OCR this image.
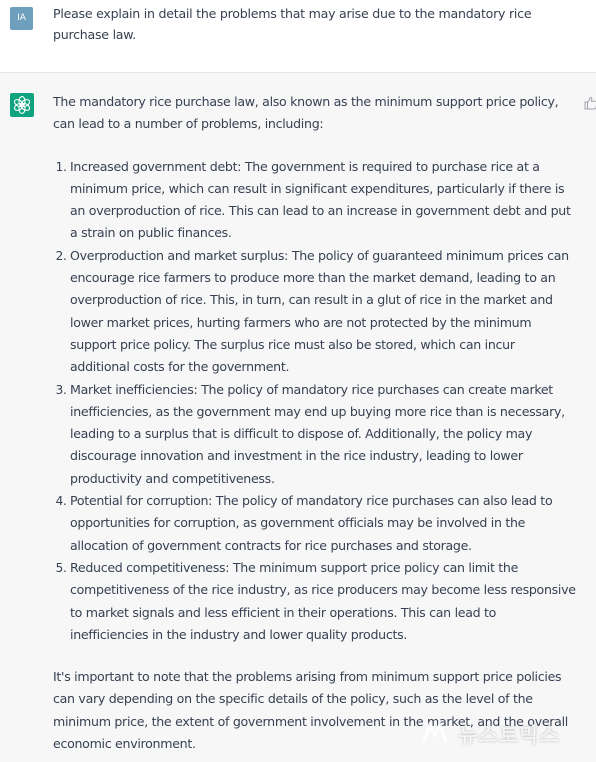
IA	Please explain in detail the problems that may arise due to the mandatory rice purchase law.

The mandatory rice purchase law, also known as the minimum support price policy, can lead to a number of problems, including:

1. Increased government debt: The government is required to purchase rice at a minimum price, which can result in significant expenditures, particularly if there is an overproduction of rice. This can lead to an increase in government debt and put a strain on public finances.
2. Overproduction and market surplus: The policy of guaranteed minimum prices can encourage rice farmers to produce more than the market demand, leading to an overproduction of rice. This, in turn, can result in a glut of rice in the market and lower market prices, hurting farmers who are not protected by the minimum support price policy. The surplus rice must also be stored, which can incur additional costs for the government.
3. Market inefficiencies: The policy of mandatory rice purchases can create market inefficiencies, as the government may end up buying more rice than is necessary, leading to a surplus that is difficult to dispose of. Additionally, the policy may discourage innovation and investment in the rice industry, leading to lower productivity and competitiveness.
4. Potential for corruption: The policy of mandatory rice purchases can also lead to opportunities for corruption, as government officials may be involved in the allocation of government contracts for rice purchases and storage.
5. Reduced competitiveness: The minimum support price policy can limit the competitiveness of the rice industry, as rice producers may become less responsive to market signals and less efficient in their operations. This can lead to inefficiencies in the industry and lower quality products.

It's important to note that the problems arising from minimum support price policies can vary depending on the specific details of the policy, such as the level of the minimum price, the extent of government involvement in the market, and the overall economic environment.	뉴스토믹스
